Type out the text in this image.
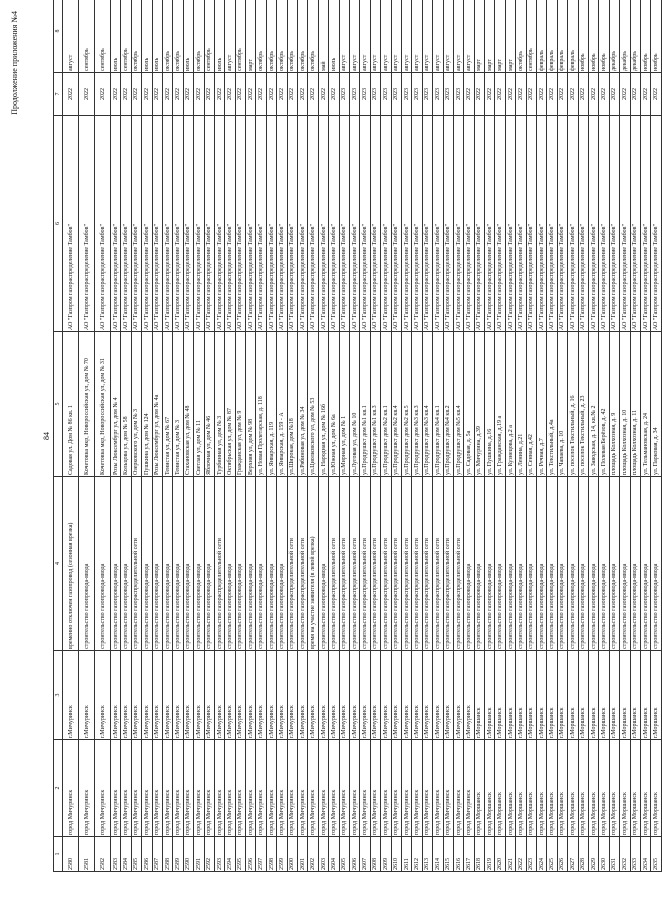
Продолжение приложения №4
84
1	2	3	4	5	6	7	8
2580	город Мичуринск	г.Мичуринск	временно отключен газопровод (сезонная врезка)	Садовая ул. Дом № 86 кв. 1	АО "Газпром газораспределение Тамбов"	2022	август
2581	город Мичуринск	г.Мичуринск	строительство газопровода-ввода	Кочетовка мкр, Новороссийская ул, дом № 70	АО "Газпром газораспределение Тамбов"	2022	сентябрь
2582	город Мичуринск	г.Мичуринск	строительство газопровода-ввода	Кочетовка мкр, Новороссийская ул, дом № 31	АО "Газпром газораспределение Тамбов"	2022	сентябрь
2583	город Мичуринск	г.Мичуринск	строительство газопровода-ввода	Розы Люксембург ул, дом № 4	АО "Газпром газораспределение Тамбов"	2022	июль
2584	город Мичуринск	г.Мичуринск	строительство газопровода-ввода	Кольцова ул, дом № 58	АО "Газпром газораспределение Тамбов"	2022	сентябрь
2585	город Мичуринск	г.Мичуринск	строительство газораспределительной сети	Озерковского ул, дом № 3	АО "Газпром газораспределение Тамбов"	2022	октябрь
2586	город Мичуринск	г.Мичуринск	строительство газопровода-ввода	Пушкина ул, дом № 124	АО "Газпром газораспределение Тамбов"	2022	июль
2587	город Мичуринск	г.Мичуринск	строительство газопровода-ввода	Розы Люксембург ул, дом № 4а	АО "Газпром газораспределение Тамбов"	2022	июль
2588	город Мичуринск	г.Мичуринск	строительство газопровода-ввода	Тенистая ул, дом № 67	АО "Газпром газораспределение Тамбов"	2022	октябрь
2589	город Мичуринск	г.Мичуринск	строительство газопровода-ввода	Тенистая ул, дом № 3	АО "Газпром газораспределение Тамбов"	2022	октябрь
2590	город Мичуринск	г.Мичуринск	строительство газопровода-ввода	Стахановская ул, дом № 48	АО "Газпром газораспределение Тамбов"	2022	июль
2591	город Мичуринск	г.Мичуринск	строительство газопровода-ввода	Светлая ул, дом № 11	АО "Газпром газораспределение Тамбов"	2022	октябрь
2592	город Мичуринск	г.Мичуринск	строительство газопровода-ввода	Яблочная ул, дом № 46	АО "Газпром газораспределение Тамбов"	2022	сентябрь
2593	город Мичуринск	г.Мичуринск	строительство газораспределительной сети	Турбинная ул, дом № 3	АО "Газпром газораспределение Тамбов"	2022	июль
2594	город Мичуринск	г.Мичуринск	строительство газопровода-ввода	Октябрьская ул, дом № 87	АО "Газпром газораспределение Тамбов"	2022	август
2595	город Мичуринск	г.Мичуринск	строительство газопровода-ввода	Гражданская ул, дом № 9	АО "Газпром газораспределение Тамбов"	2022	сентябрь
2596	город Мичуринск	г.Мичуринск	строительство газопровода-ввода	Верхняя ул, дом № 98	АО "Газпром газораспределение Тамбов"	2022	март
2597	город Мичуринск	г.Мичуринск	строительство газопровода-ввода	ул. Новая Пролетарская, д. 118	АО "Газпром газораспределение Тамбов"	2022	октябрь
2598	город Мичуринск	г.Мичуринск	строительство газопровода-ввода	ул. Январская, д. 119	АО "Газпром газораспределение Тамбов"	2022	октябрь
2599	город Мичуринск	г.Мичуринск	строительство газопровода-ввода	ул. Январская, д. 159 - А	АО "Газпром газораспределение Тамбов"	2022	октябрь
2600	город Мичуринск	г.Мичуринск	строительство газораспределительной сети	ул.Широкая, дом №18	АО "Газпром газораспределение Тамбов"	2022	октябрь
2601	город Мичуринск	г.Мичуринск	строительство газораспределительной сети	ул.Рябиновая ул, дом № 34	АО "Газпром газораспределение Тамбов"	2022	октябрь
2602	город Мичуринск	г.Мичуринск	время на участие заявителя (в левой врезка)	ул.Циолковского ул, дом № 53	АО "Газпром газораспределение Тамбов"	2022	октябрь
2603	город Мичуринск	г.Мичуринск	строительство газопровода-ввода	ул. Народная ул, дом № 16б	АО "Газпром газораспределение Тамбов"	2022	май
2604	город Мичуринск	г.Мичуринск	строительство газораспределительной сети	ул.Южная ул, дом № 6а	АО "Газпром газораспределение Тамбов"	2022	июль
2605	город Мичуринск	г.Мичуринск	строительство газораспределительной сети	ул.Мирная ул, дом № 1	АО "Газпром газораспределение Тамбов"	2023	август
2606	город Мичуринск	г.Мичуринск	строительство газораспределительной сети	ул.Луговая ул, дом № 10	АО "Газпром газораспределение Тамбов"	2023	август
2607	город Мичуринск	г.Мичуринск	строительство газораспределительной сети	ул.Продрушкт дом №1 кв.1	АО "Газпром газораспределение Тамбов"	2023	август
2608	город Мичуринск	г.Мичуринск	строительство газораспределительной сети	ул.Продрушкт дом №1 кв.3	АО "Газпром газораспределение Тамбов"	2023	август
2609	город Мичуринск	г.Мичуринск	строительство газораспределительной сети	ул.Продрушкт дом №2 кв.1	АО "Газпром газораспределение Тамбов"	2023	август
2610	город Мичуринск	г.Мичуринск	строительство газораспределительной сети	ул.Продрушкт дом №2 кв.4	АО "Газпром газораспределение Тамбов"	2023	август
2611	город Мичуринск	г.Мичуринск	строительство газораспределительной сети	ул.Продрушкт дом №2 кв.5	АО "Газпром газораспределение Тамбов"	2023	август
2612	город Мичуринск	г.Мичуринск	строительство газораспределительной сети	ул.Продрушкт дом №3 кв.3	АО "Газпром газораспределение Тамбов"	2023	август
2613	город Мичуринск	г.Мичуринск	строительство газораспределительной сети	ул.Продрушкт дом №3 кв.4	АО "Газпром газораспределение Тамбов"	2023	август
2614	город Мичуринск	г.Мичуринск	строительство газораспределительной сети	ул.Продрушкт дом №4 кв.1	АО "Газпром газораспределение Тамбов"	2023	август
2615	город Мичуринск	г.Мичуринск	строительство газораспределительной сети	ул.Продрушкт дом №4 кв.2	АО "Газпром газораспределение Тамбов"	2023	август
2616	город Мичуринск	г.Мичуринск	строительство газораспределительной сети	ул.Продрушкт дом №5 кв.4	АО "Газпром газораспределение Тамбов"	2023	август
2617	город Мичуринск	г.Мичуринск	строительство газопровода-ввода	ул. Садовая, д. 5а	АО "Газпром газораспределение Тамбов"	2022	август
2618	город Моршанск	г.Моршанск	строительство газопровода-ввода	ул. Мичурина, д.39	АО "Газпром газораспределение Тамбов"	2022	март
2619	город Моршанск	г.Моршанск	строительство газопровода-ввода	ул. Пушкина, д.16	АО "Газпром газораспределение Тамбов"	2022	март
2620	город Моршанск	г.Моршанск	строительство газопровода-ввода	ул. Гражданская, д.19 а	АО "Газпром газораспределение Тамбов"	2022	март
2621	город Моршанск	г.Моршанск	строительство газопровода-ввода	ул. Кузнецова, д.2 а	АО "Газпром газораспределение Тамбов"	2022	март
2622	город Моршанск	г.Моршанск	строительство газопровода-ввода	ул. Ленина, д.21	АО "Газпром газораспределение Тамбов"	2022	октябрь
2623	город Моршанск	г.Моршанск	строительство газопровода-ввода	ул. Сенная, д.42	АО "Газпром газораспределение Тамбов"	2022	сентябрь
2624	город Моршанск	г.Моршанск	строительство газопровода-ввода	ул. Речная, д.7	АО "Газпром газораспределение Тамбов"	2022	февраль
2625	город Моршанск	г.Моршанск	строительство газопровода-ввода	ул. Текстильный, д.4а	АО "Газпром газораспределение Тамбов"	2022	февраль
2626	город Моршанск	г.Моршанск	строительство газопровода-ввода	ул. Чапаева, д. 10	АО "Газпром газораспределение Тамбов"	2022	февраль
2627	город Моршанск	г.Моршанск	строительство газопровода-ввода	ул. поселок Текстильный, д. 16	АО "Газпром газораспределение Тамбов"	2022	февраль
2628	город Моршанск	г.Моршанск	строительство газопровода-ввода	ул. поселок Текстильный, д. 23	АО "Газпром газораспределение Тамбов"	2022	ноябрь
2629	город Моршанск	г.Моршанск	строительство газопровода-ввода	ул. Заводская, д. 14, кв.№ 2	АО "Газпром газораспределение Тамбов"	2022	ноябрь
2630	город Моршанск	г.Моршанск	строительство газопровода-ввода	ул. Полевая/Берёзов, д. 42	АО "Газпром газораспределение Тамбов"	2022	ноябрь
2631	город Моршанск	г.Моршанск	строительство газопровода-ввода	площадь Колхозная, д. 9	АО "Газпром газораспределение Тамбов"	2022	декабрь
2632	город Моршанск	г.Моршанск	строительство газопровода-ввода	площадь Колхозная, д. 10	АО "Газпром газораспределение Тамбов"	2022	декабрь
2633	город Моршанск	г.Моршанск	строительство газопровода-ввода	площадь Колхозная, д. 11	АО "Газпром газораспределение Тамбов"	2022	декабрь
2634	город Моршанск	г.Моршанск	строительство газопровода-ввода	ул. Тельмановская, д. 24	АО "Газпром газораспределение Тамбов"	2022	ноябрь
2635	город Моршанск	г.Моршанск	строительство газопровода-ввода	ул. Парковая, д. 34	АО "Газпром газораспределение Тамбов"	2022	ноябрь
